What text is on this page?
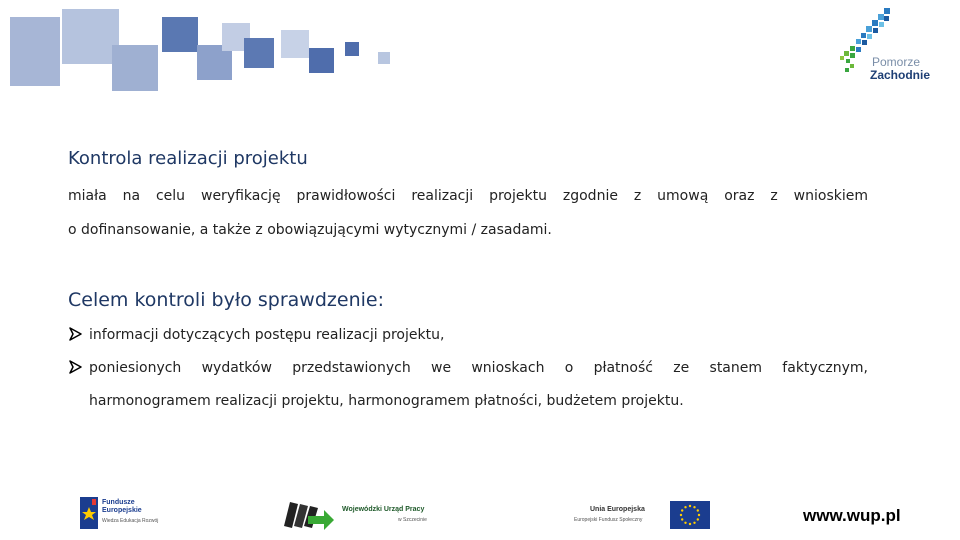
Pomorze
Zachodnie
Kontrola realizacji projektu
miała na celu weryfikację prawidłowości realizacji projektu zgodnie z umową oraz z wnioskiem
o dofinansowanie, a także z obowiązującymi wytycznymi / zasadami.
Celem kontroli było sprawdzenie:
informacji dotyczących postępu realizacji projektu,
poniesionych wydatków przedstawionych we wnioskach o płatność ze stanem faktycznym,
harmonogramem realizacji projektu, harmonogramem płatności, budżetem projektu.
Fundusze
Europejskie
Wiedza Edukacja Rozwój
Wojewódzki Urząd Pracy
w Szczecinie
Unia Europejska
Europejski Fundusz Społeczny	www.wup.pl
